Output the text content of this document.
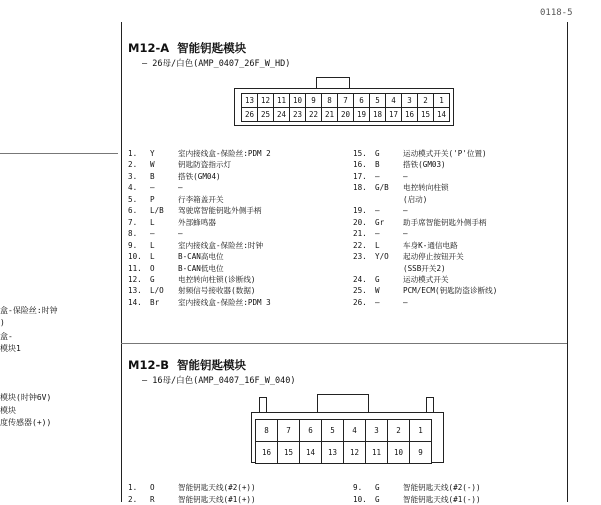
0118-5
盒-保险丝:时钟
)
盒-
模块1
模块(时钟6V)
模块
度传感器(+))
M12-A 智能钥匙模块
– 26母/白色(AMP_0407_26F_W_HD)
13 12 11 10	9	8	7	6	5	4	3	2	1
26 25 24 23 22 21 20 19 18 17 16 15 14
1.	Y	室内接线盒-保险丝:PDM 2
2.	W	钥匙防盗指示灯
3.	B	搭铁(GM04)
4.	–	–
5.	P	行李箱盖开关
6.	L/B	驾驶席智能钥匙外侧手柄
7.	L	外部蜂鸣器
8.	–	–
9.	L	室内接线盒-保险丝:时钟
10.	L	B-CAN高电位
11.	O	B-CAN低电位
12.	G	电控转向柱锁(诊断线)
13.	L/O	射频信号接收器(数据)
14.	Br	室内接线盒-保险丝:PDM 3
15.	G	运动模式开关('P'位置)
16.	B	搭铁(GM03)
17.	–	–
18.	G/B	电控转向柱锁
(启动)
19.	–	–
20.	Gr	助手席智能钥匙外侧手柄
21.	–	–
22.	L	车身K-通信电路
23.	Y/O	起动停止按钮开关
(SSB开关2)
24.	G	运动模式开关
25.	W	PCM/ECM(钥匙防盗诊断线)
26.	–	–
M12-B 智能钥匙模块
– 16母/白色(AMP_0407_16F_W_040)
8	7	6	5	4	3	2	1
16	15	14	13	12	11	10	9
1.	O	智能钥匙天线(#2(+))
2.	R	智能钥匙天线(#1(+))
9.	G	智能钥匙天线(#2(-))
10.	G	智能钥匙天线(#1(-))
